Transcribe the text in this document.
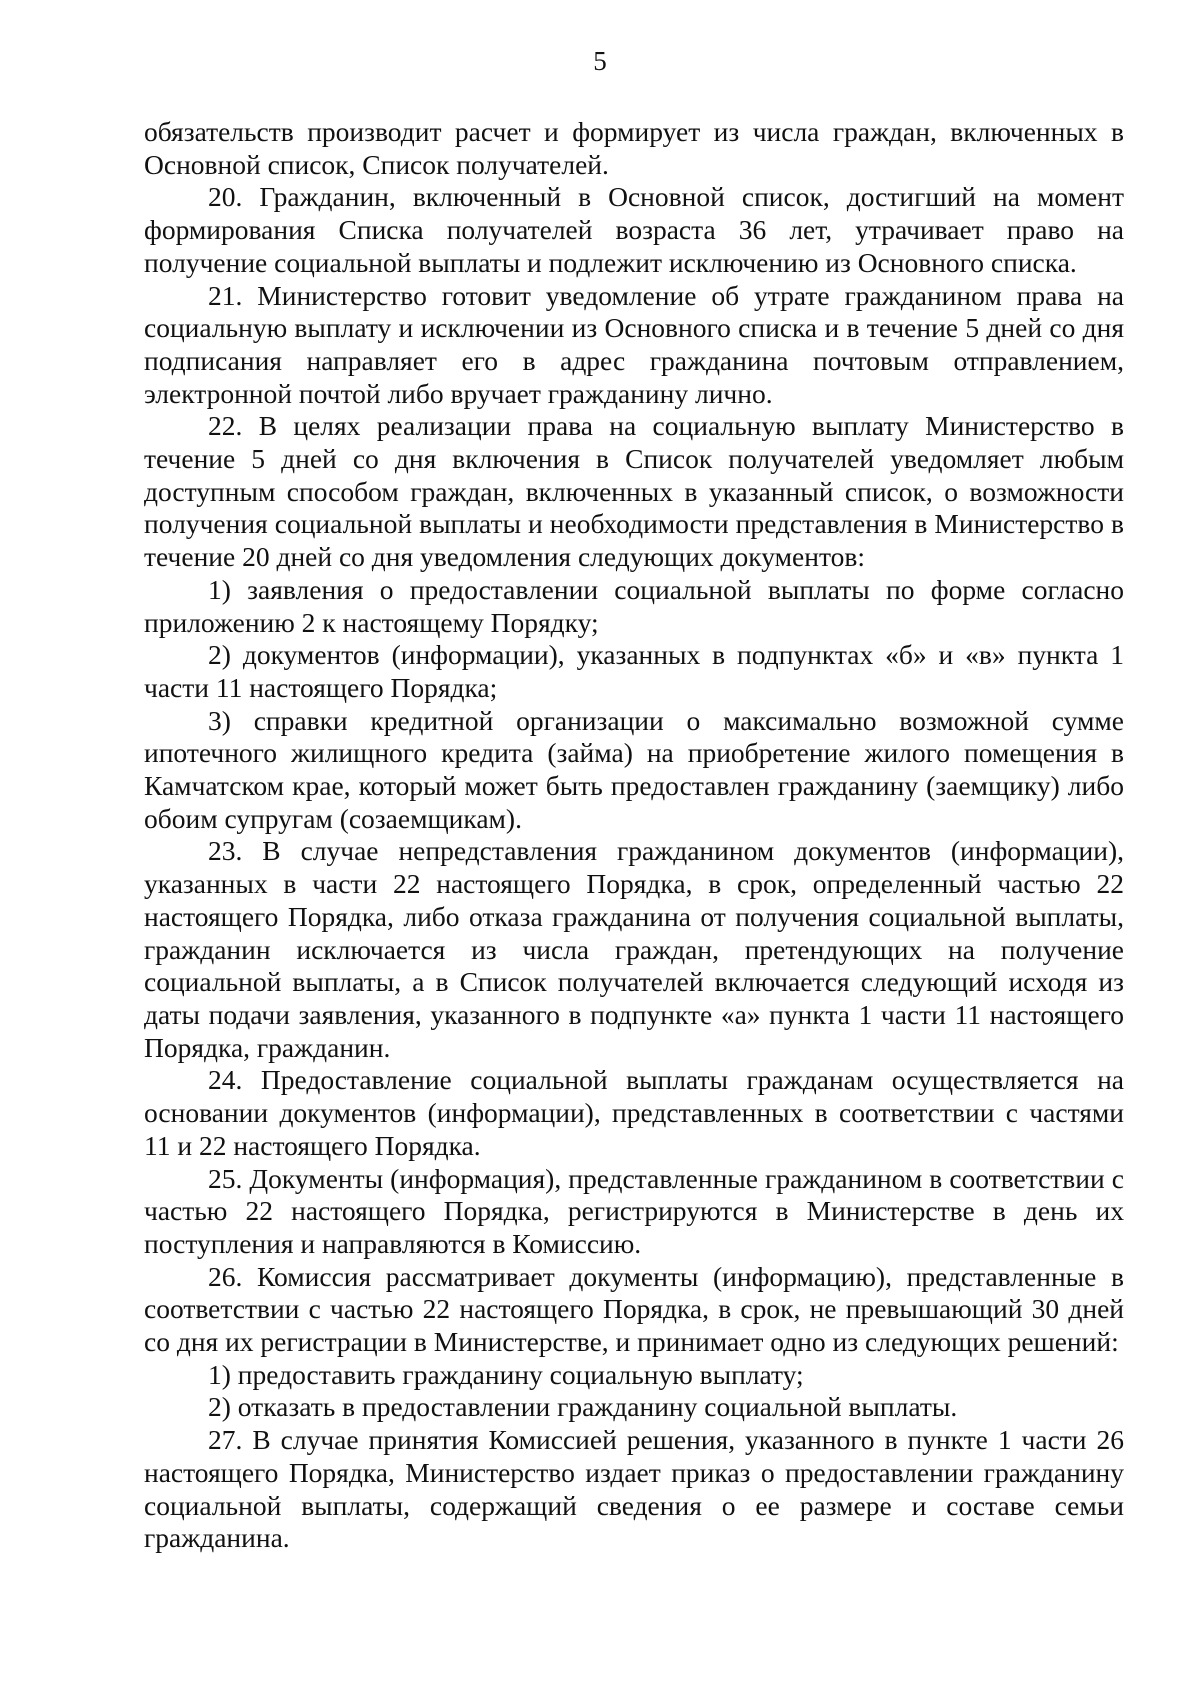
5

обязательств производит расчет и формирует из числа граждан, включенных в Основной список, Список получателей.

20. Гражданин, включенный в Основной список, достигший на момент формирования Списка получателей возраста 36 лет, утрачивает право на получение социальной выплаты и подлежит исключению из Основного списка.

21. Министерство готовит уведомление об утрате гражданином права на социальную выплату и исключении из Основного списка и в течение 5 дней со дня подписания направляет его в адрес гражданина почтовым отправлением, электронной почтой либо вручает гражданину лично.

22. В целях реализации права на социальную выплату Министерство в течение 5 дней со дня включения в Список получателей уведомляет любым доступным способом граждан, включенных в указанный список, о возможности получения социальной выплаты и необходимости представления в Министерство в течение 20 дней со дня уведомления следующих документов:

1) заявления о предоставлении социальной выплаты по форме согласно приложению 2 к настоящему Порядку;

2) документов (информации), указанных в подпунктах «б» и «в» пункта 1 части 11 настоящего Порядка;

3) справки кредитной организации о максимально возможной сумме ипотечного жилищного кредита (займа) на приобретение жилого помещения в Камчатском крае, который может быть предоставлен гражданину (заемщику) либо обоим супругам (созаемщикам).

23. В случае непредставления гражданином документов (информации), указанных в части 22 настоящего Порядка, в срок, определенный частью 22 настоящего Порядка, либо отказа гражданина от получения социальной выплаты, гражданин исключается из числа граждан, претендующих на получение социальной выплаты, а в Список получателей включается следующий исходя из даты подачи заявления, указанного в подпункте «а» пункта 1 части 11 настоящего Порядка, гражданин.

24. Предоставление социальной выплаты гражданам осуществляется на основании документов (информации), представленных в соответствии с частями 11 и 22 настоящего Порядка.

25. Документы (информация), представленные гражданином в соответствии с частью 22 настоящего Порядка, регистрируются в Министерстве в день их поступления и направляются в Комиссию.

26. Комиссия рассматривает документы (информацию), представленные в соответствии с частью 22 настоящего Порядка, в срок, не превышающий 30 дней со дня их регистрации в Министерстве, и принимает одно из следующих решений:

1) предоставить гражданину социальную выплату;

2) отказать в предоставлении гражданину социальной выплаты.

27. В случае принятия Комиссией решения, указанного в пункте 1 части 26 настоящего Порядка, Министерство издает приказ о предоставлении гражданину социальной выплаты, содержащий сведения о ее размере и составе семьи гражданина.
